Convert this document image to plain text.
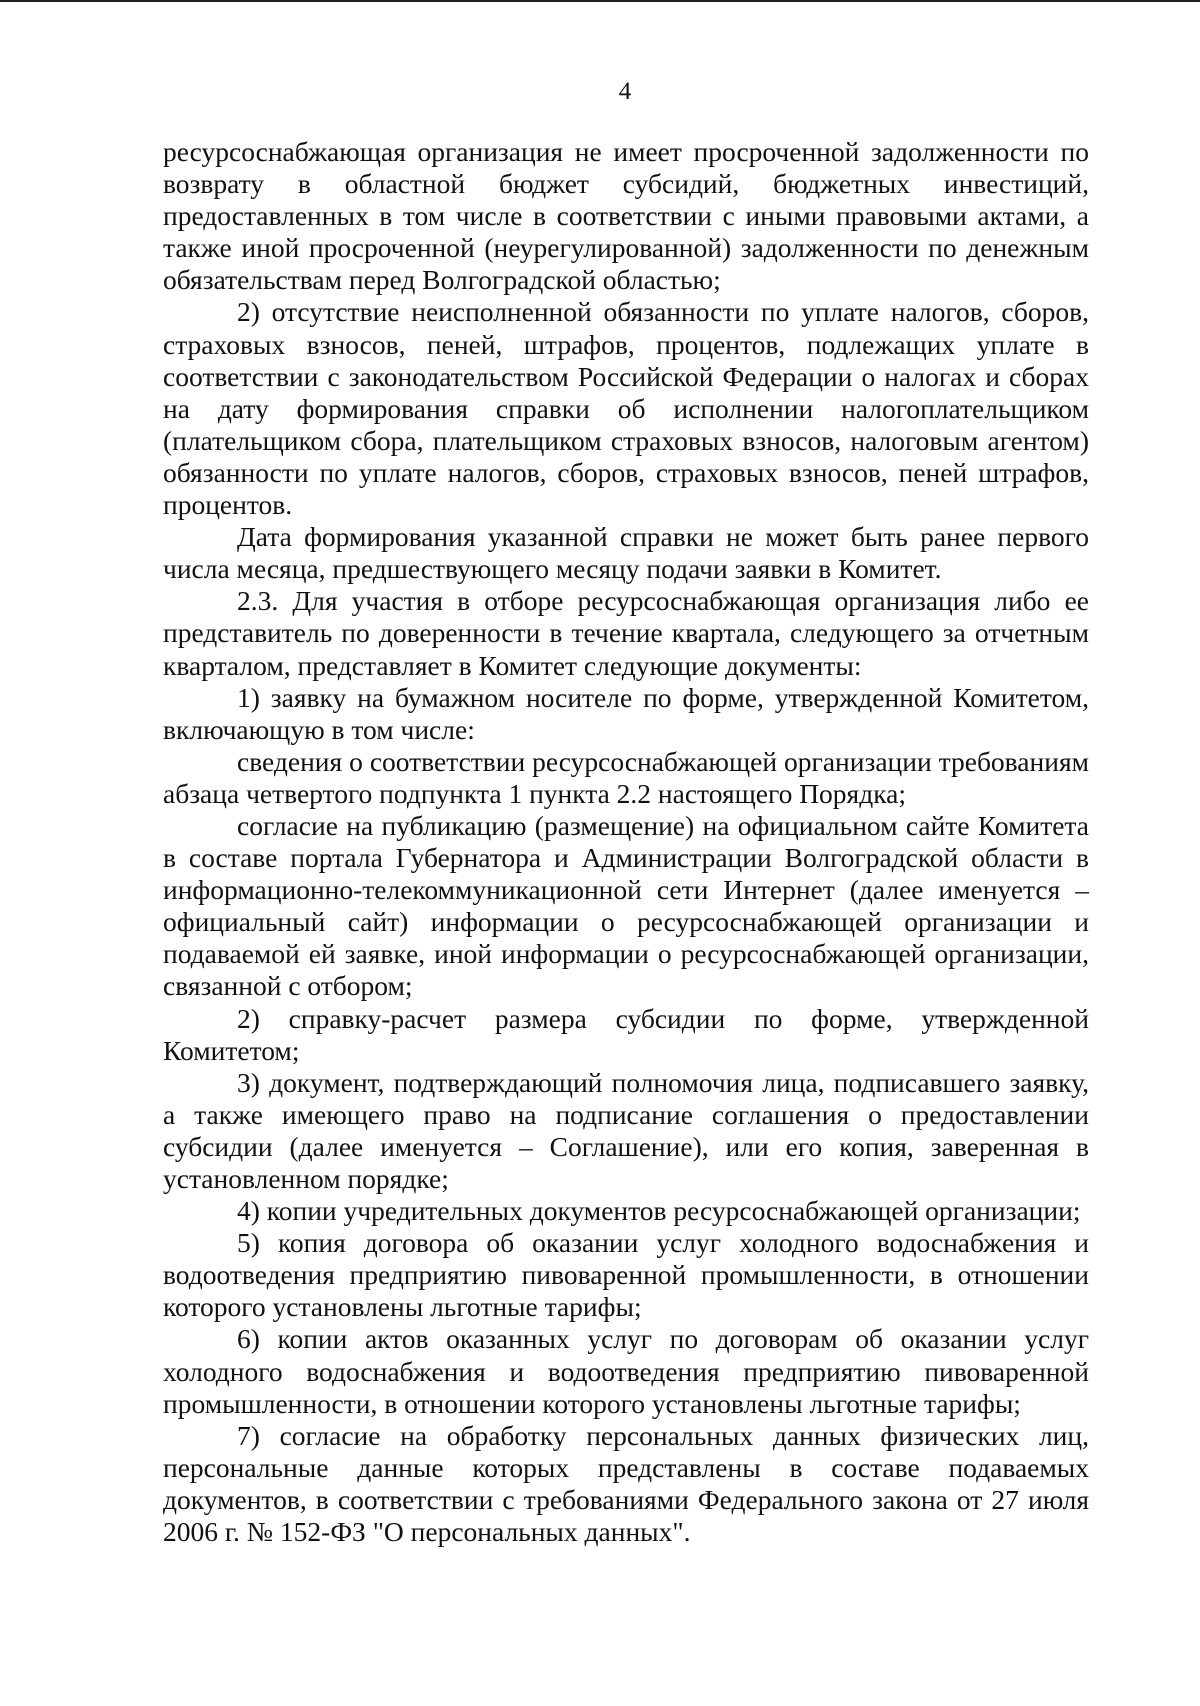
4

ресурсоснабжающая организация не имеет просроченной задолженности по возврату в областной бюджет субсидий, бюджетных инвестиций, предоставленных в том числе в соответствии с иными правовыми актами, а также иной просроченной (неурегулированной) задолженности по денежным обязательствам перед Волгоградской областью;

2) отсутствие неисполненной обязанности по уплате налогов, сборов, страховых взносов, пеней, штрафов, процентов, подлежащих уплате в соответствии с законодательством Российской Федерации о налогах и сборах на дату формирования справки об исполнении налогоплательщиком (плательщиком сбора, плательщиком страховых взносов, налоговым агентом) обязанности по уплате налогов, сборов, страховых взносов, пеней штрафов, процентов.

Дата формирования указанной справки не может быть ранее первого числа месяца, предшествующего месяцу подачи заявки в Комитет.

2.3. Для участия в отборе ресурсоснабжающая организация либо ее представитель по доверенности в течение квартала, следующего за отчетным кварталом, представляет в Комитет следующие документы:

1) заявку на бумажном носителе по форме, утвержденной Комитетом, включающую в том числе:

сведения о соответствии ресурсоснабжающей организации требованиям абзаца четвертого подпункта 1 пункта 2.2 настоящего Порядка;

согласие на публикацию (размещение) на официальном сайте Комитета в составе портала Губернатора и Администрации Волгоградской области в информационно-телекоммуникационной сети Интернет (далее именуется – официальный сайт) информации о ресурсоснабжающей организации и подаваемой ей заявке, иной информации о ресурсоснабжающей организации, связанной с отбором;

2) справку-расчет размера субсидии по форме, утвержденной Комитетом;

3) документ, подтверждающий полномочия лица, подписавшего заявку, а также имеющего право на подписание соглашения о предоставлении субсидии (далее именуется – Соглашение), или его копия, заверенная в установленном порядке;

4) копии учредительных документов ресурсоснабжающей организации;

5) копия договора об оказании услуг холодного водоснабжения и водоотведения предприятию пивоваренной промышленности, в отношении которого установлены льготные тарифы;

6) копии актов оказанных услуг по договорам об оказании услуг холодного водоснабжения и водоотведения предприятию пивоваренной промышленности, в отношении которого установлены льготные тарифы;

7) согласие на обработку персональных данных физических лиц, персональные данные которых представлены в составе подаваемых документов, в соответствии с требованиями Федерального закона от 27 июля 2006 г. № 152-ФЗ "О персональных данных".
